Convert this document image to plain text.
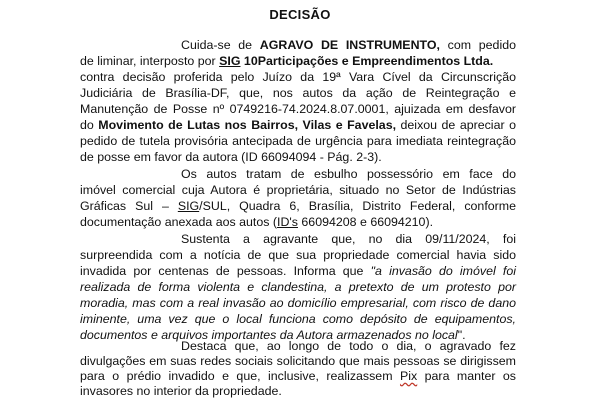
DECISÃO
Cuida-se de AGRAVO DE INSTRUMENTO, com pedido
de liminar, interposto por SIG 10Participações e Empreendimentos Ltda.
contra decisão proferida pelo Juízo da 19ª Vara Cível da Circunscrição
Judiciária de Brasília-DF, que, nos autos da ação de Reintegração e
Manutenção de Posse nº 0749216-74.2024.8.07.0001, ajuizada em desfavor
do Movimento de Lutas nos Bairros, Vilas e Favelas, deixou de apreciar o
pedido de tutela provisória antecipada de urgência para imediata reintegração
de posse em favor da autora (ID 66094094 - Pág. 2-3).
Os autos tratam de esbulho possessório em face do
imóvel comercial cuja Autora é proprietária, situado no Setor de Indústrias
Gráficas Sul – SIG/SUL, Quadra 6, Brasília, Distrito Federal, conforme
documentação anexada aos autos (ID's 66094208 e 66094210).
Sustenta a agravante que, no dia 09/11/2024, foi
surpreendida com a notícia de que sua propriedade comercial havia sido
invadida por centenas de pessoas. Informa que "a invasão do imóvel foi
realizada de forma violenta e clandestina, a pretexto de um protesto por
moradia, mas com a real invasão ao domicílio empresarial, com risco de dano
iminente, uma vez que o local funciona como depósito de equipamentos,
documentos e arquivos importantes da Autora armazenados no local".
Destaca que, ao longo de todo o dia, o agravado fez
divulgações em suas redes sociais solicitando que mais pessoas se dirigissem
para o prédio invadido e que, inclusive, realizassem Pix para manter os
invasores no interior da propriedade.
